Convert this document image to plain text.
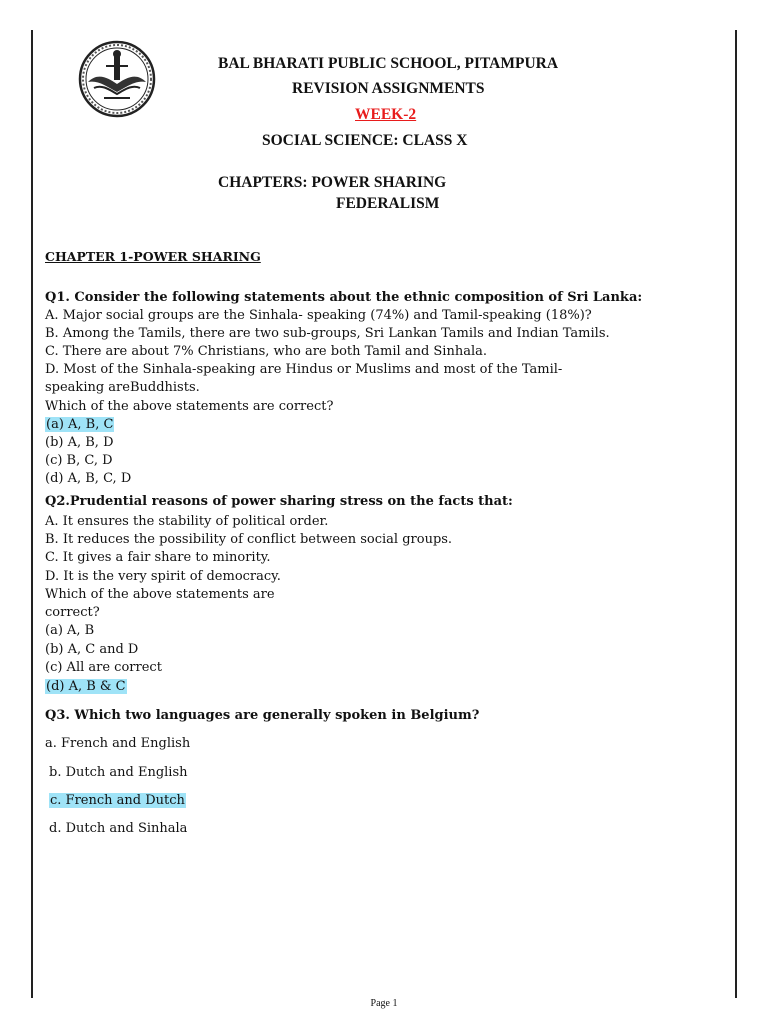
BAL BHARATI PUBLIC SCHOOL, PITAMPURA
REVISION ASSIGNMENTS
WEEK-2
SOCIAL SCIENCE: CLASS X
CHAPTERS: POWER SHARING
FEDERALISM
CHAPTER 1-POWER SHARING
Q1. Consider the following statements about the ethnic composition of Sri Lanka:
A. Major social groups are the Sinhala- speaking (74%) and Tamil-speaking (18%)?
B. Among the Tamils, there are two sub-groups, Sri Lankan Tamils and Indian Tamils.
C. There are about 7% Christians, who are both Tamil and Sinhala.
D. Most of the Sinhala-speaking are Hindus or Muslims and most of the Tamil-
speaking areBuddhists.
Which of the above statements are correct?
(a) A, B, C
(b) A, B, D
(c) B, C, D
(d) A, B, C, D
Q2.Prudential reasons of power sharing stress on the facts that:
A. It ensures the stability of political order.
B. It reduces the possibility of conflict between social groups.
C. It gives a fair share to minority.
D. It is the very spirit of democracy.
Which of the above statements are
correct?
(a) A, B
(b) A, C and D
(c) All are correct
(d) A, B & C
Q3. Which two languages are generally spoken in Belgium?
a. French and English
b. Dutch and English
c. French and Dutch
d. Dutch and Sinhala
Page 1
